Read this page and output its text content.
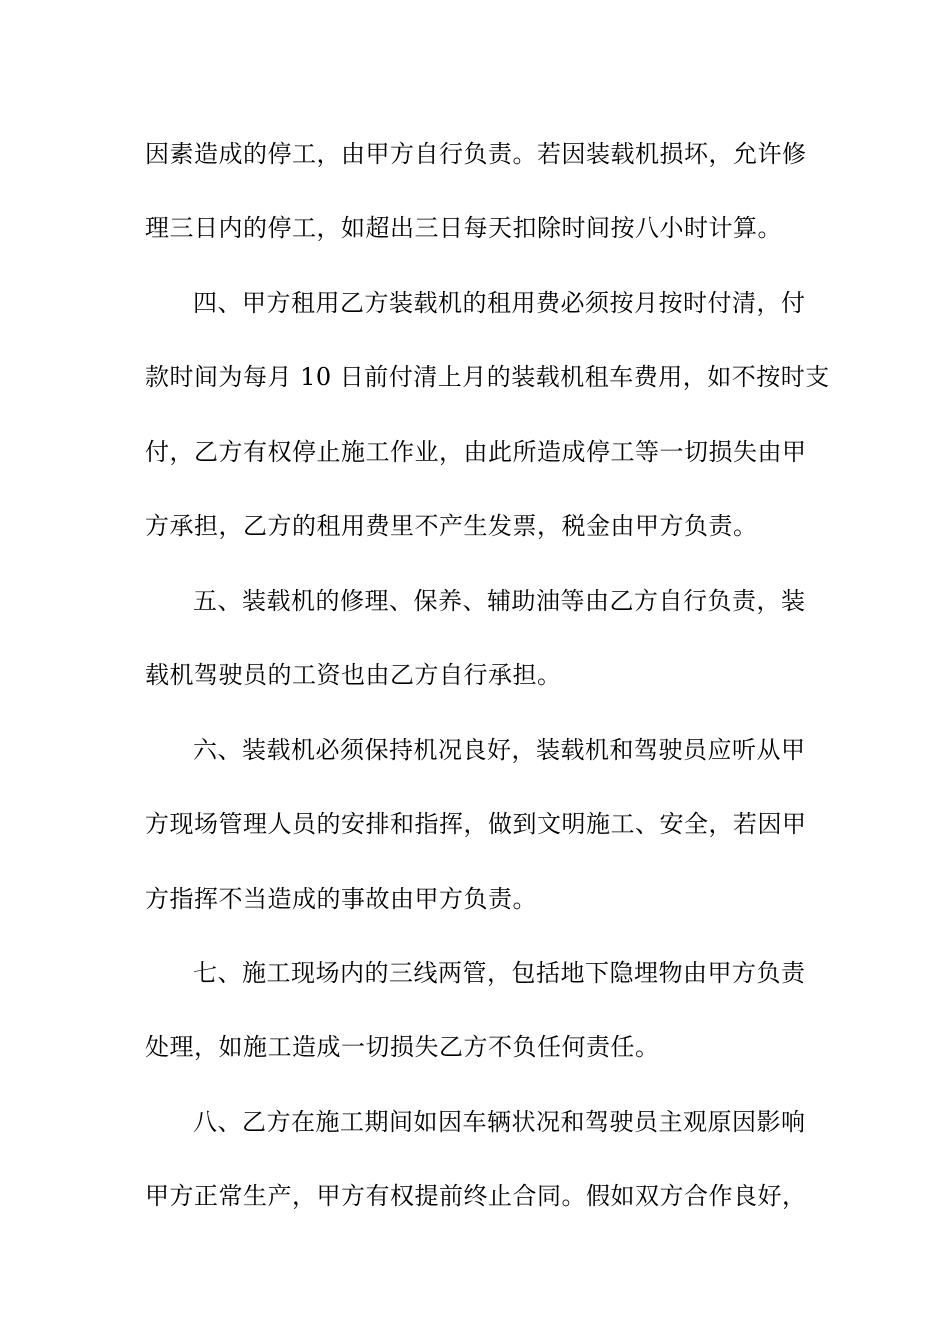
因素造成的停工，由甲方自行负责。若因装载机损坏，允许修
理三日内的停工，如超出三日每天扣除时间按八小时计算。
四、甲方租用乙方装载机的租用费必须按月按时付清，付
款时间为每月 10 日前付清上月的装载机租车费用，如不按时支
付，乙方有权停止施工作业，由此所造成停工等一切损失由甲
方承担，乙方的租用费里不产生发票，税金由甲方负责。
五、装载机的修理、保养、辅助油等由乙方自行负责，装
载机驾驶员的工资也由乙方自行承担。
六、装载机必须保持机况良好，装载机和驾驶员应听从甲
方现场管理人员的安排和指挥，做到文明施工、安全，若因甲
方指挥不当造成的事故由甲方负责。
七、施工现场内的三线两管，包括地下隐埋物由甲方负责
处理，如施工造成一切损失乙方不负任何责任。
八、乙方在施工期间如因车辆状况和驾驶员主观原因影响
甲方正常生产，甲方有权提前终止合同。假如双方合作良好，
